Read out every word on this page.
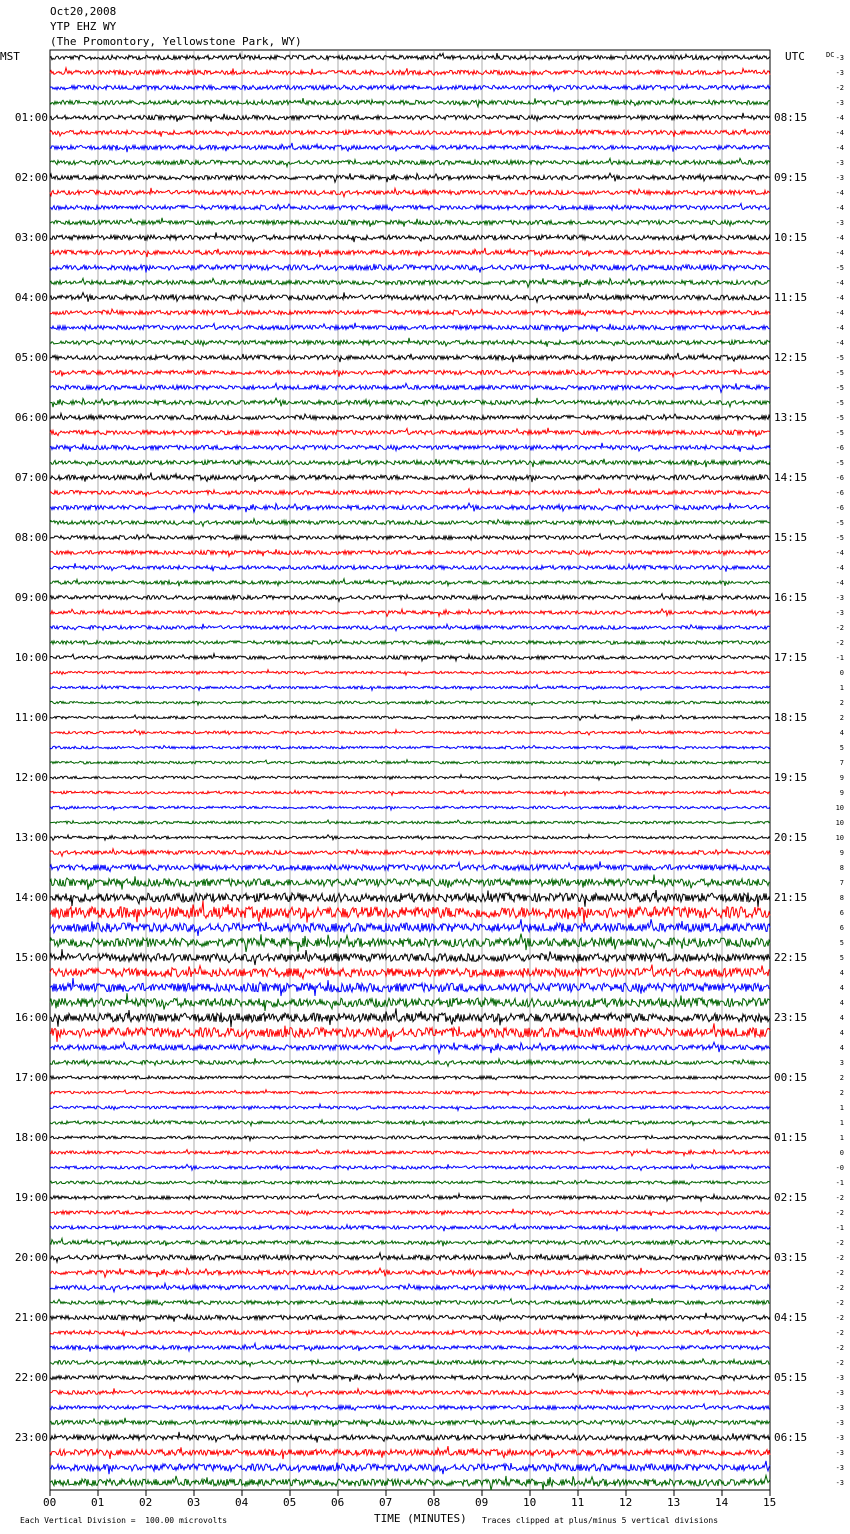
Oct20,2008
YTP EHZ WY
(The Promontory, Yellowstone Park, WY)
MST	UTC	DC
01:00
02:00
03:00
04:00
05:00
06:00
07:00
08:00
09:00
10:00
11:00
12:00
13:00
14:00
15:00
16:00
17:00
18:00
19:00
20:00
21:00
22:00
23:00
08:15
09:15
10:15
11:15
12:15
13:15
14:15
15:15
16:15
17:15
18:15
19:15
20:15
21:15
22:15
23:15
00:15
01:15
02:15
03:15
04:15
05:15
06:15
-3
-3
-2
-3
-4
-4
-4
-3
-3
-4
-4
-3
-4
-4
-5
-4
-4
-4
-4
-4
-5
-5
-5
-5
-5
-5
-6
-5
-6
-6
-6
-5
-5
-4
-4
-4
-3
-3
-2
-2
-1
0
1
2
2
4
5
7
9
9
10
10
10
9
8
7
8
6
6
5
5
4
4
4
4
4
4
3
2
2
1
1
1
0
-0
-1
-2
-2
-1
-2
-2
-2
-2
-2
-2
-2
-2
-2
-3
-3
-3
-3
-3
-3
-3
-3
00	01	02	03	04	05	06	07	08	09	10	11	12	13	14	15
Each Vertical Division =  100.00 microvolts	TIME (MINUTES) Traces clipped at plus/minus 5 vertical divisions
